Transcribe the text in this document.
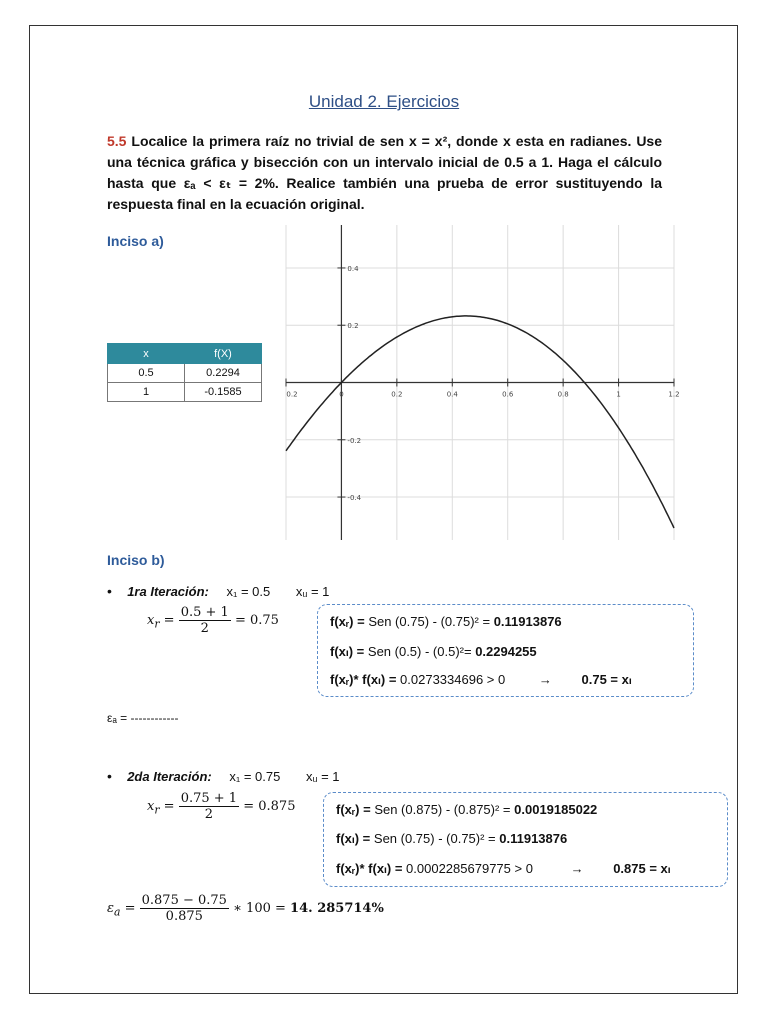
Unidad 2. Ejercicios
5.5 Localice la primera raíz no trivial de sen x = x², donde x esta en radianes. Use una técnica gráfica y bisección con un intervalo inicial de 0.5 a 1. Haga el cálculo hasta que εₐ < εₜ = 2%. Realice también una prueba de error sustituyendo la respuesta final en la ecuación original.
Inciso a)
x	f(X)
0.5	0.2294
1	-0.1585	0.2	0	0.2	0.4	0.6	0.8	1	1.2
0.4
0.2
-0.2
-0.4
Inciso b)
•    1ra Iteración: x₁ = 0.5 xᵤ = 1
$x_r = \frac{0.5 + 1}{2} = 0.75$	f(xᵣ) = Sen (0.75) - (0.75)² = 0.11913876
f(xₗ) = Sen (0.5) - (0.5)²= 0.2294255
f(xᵣ)* f(xₗ) = 0.0273334696 > 0	→ 0.75 = xₗ
εₐ = ------------
•    2da Iteración: x₁ = 0.75 xᵤ = 1
$x_r = \frac{0.75 + 1}{2} = 0.875$	f(xᵣ) = Sen (0.875) - (0.875)² = 0.0019185022
f(xₗ) = Sen (0.75) - (0.75)² = 0.11913876
f(xᵣ)* f(xₗ) = 0.0002285679775 > 0	→ 0.875 = xₗ
$\varepsilon_a = \frac{0.875 - 0.75}{0.875}$ ∗ 100 = 14. 285714%
